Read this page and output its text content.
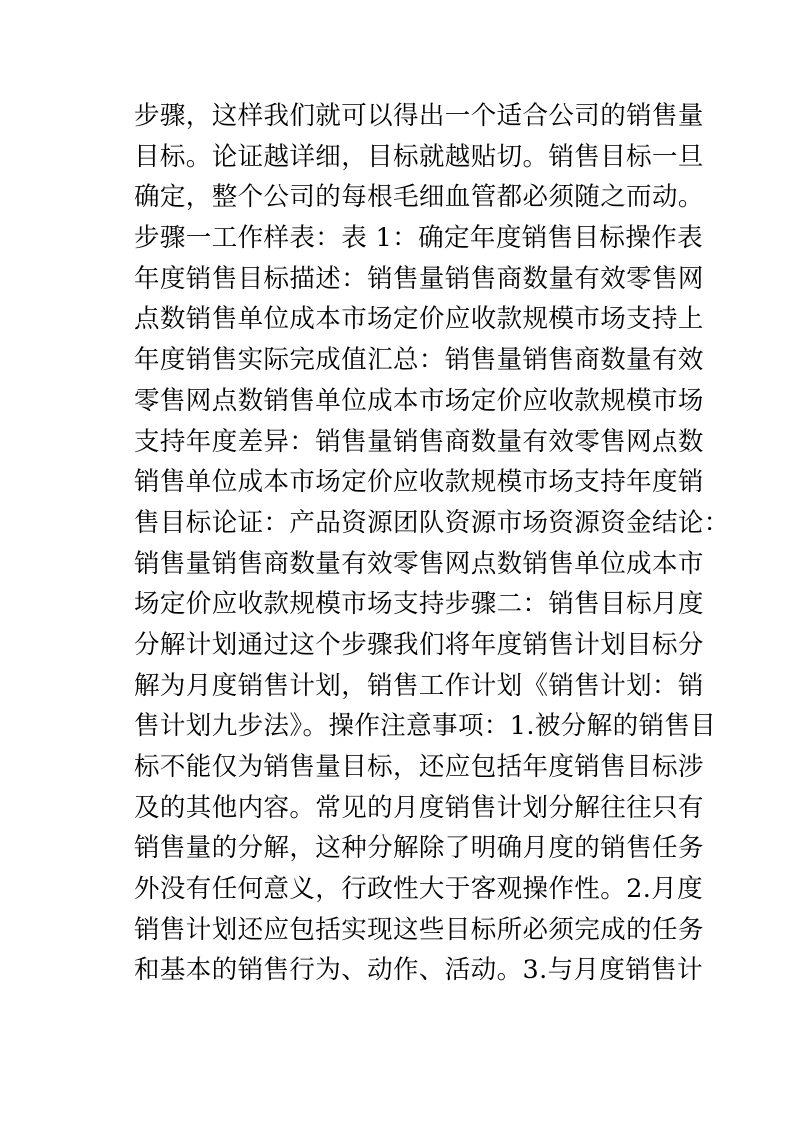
步骤，这样我们就可以得出一个适合公司的销售量
目标。论证越详细，目标就越贴切。销售目标一旦
确定，整个公司的每根毛细血管都必须随之而动。
步骤一工作样表：表 1：确定年度销售目标操作表
年度销售目标描述：销售量销售商数量有效零售网
点数销售单位成本市场定价应收款规模市场支持上
年度销售实际完成值汇总：销售量销售商数量有效
零售网点数销售单位成本市场定价应收款规模市场
支持年度差异：销售量销售商数量有效零售网点数
销售单位成本市场定价应收款规模市场支持年度销
售目标论证：产品资源团队资源市场资源资金结论：
销售量销售商数量有效零售网点数销售单位成本市
场定价应收款规模市场支持步骤二：销售目标月度
分解计划通过这个步骤我们将年度销售计划目标分
解为月度销售计划，销售工作计划《销售计划：销
售计划九步法》。操作注意事项：1.被分解的销售目
标不能仅为销售量目标，还应包括年度销售目标涉
及的其他内容。常见的月度销售计划分解往往只有
销售量的分解，这种分解除了明确月度的销售任务
外没有任何意义，行政性大于客观操作性。2.月度
销售计划还应包括实现这些目标所必须完成的任务
和基本的销售行为、动作、活动。3.与月度销售计
